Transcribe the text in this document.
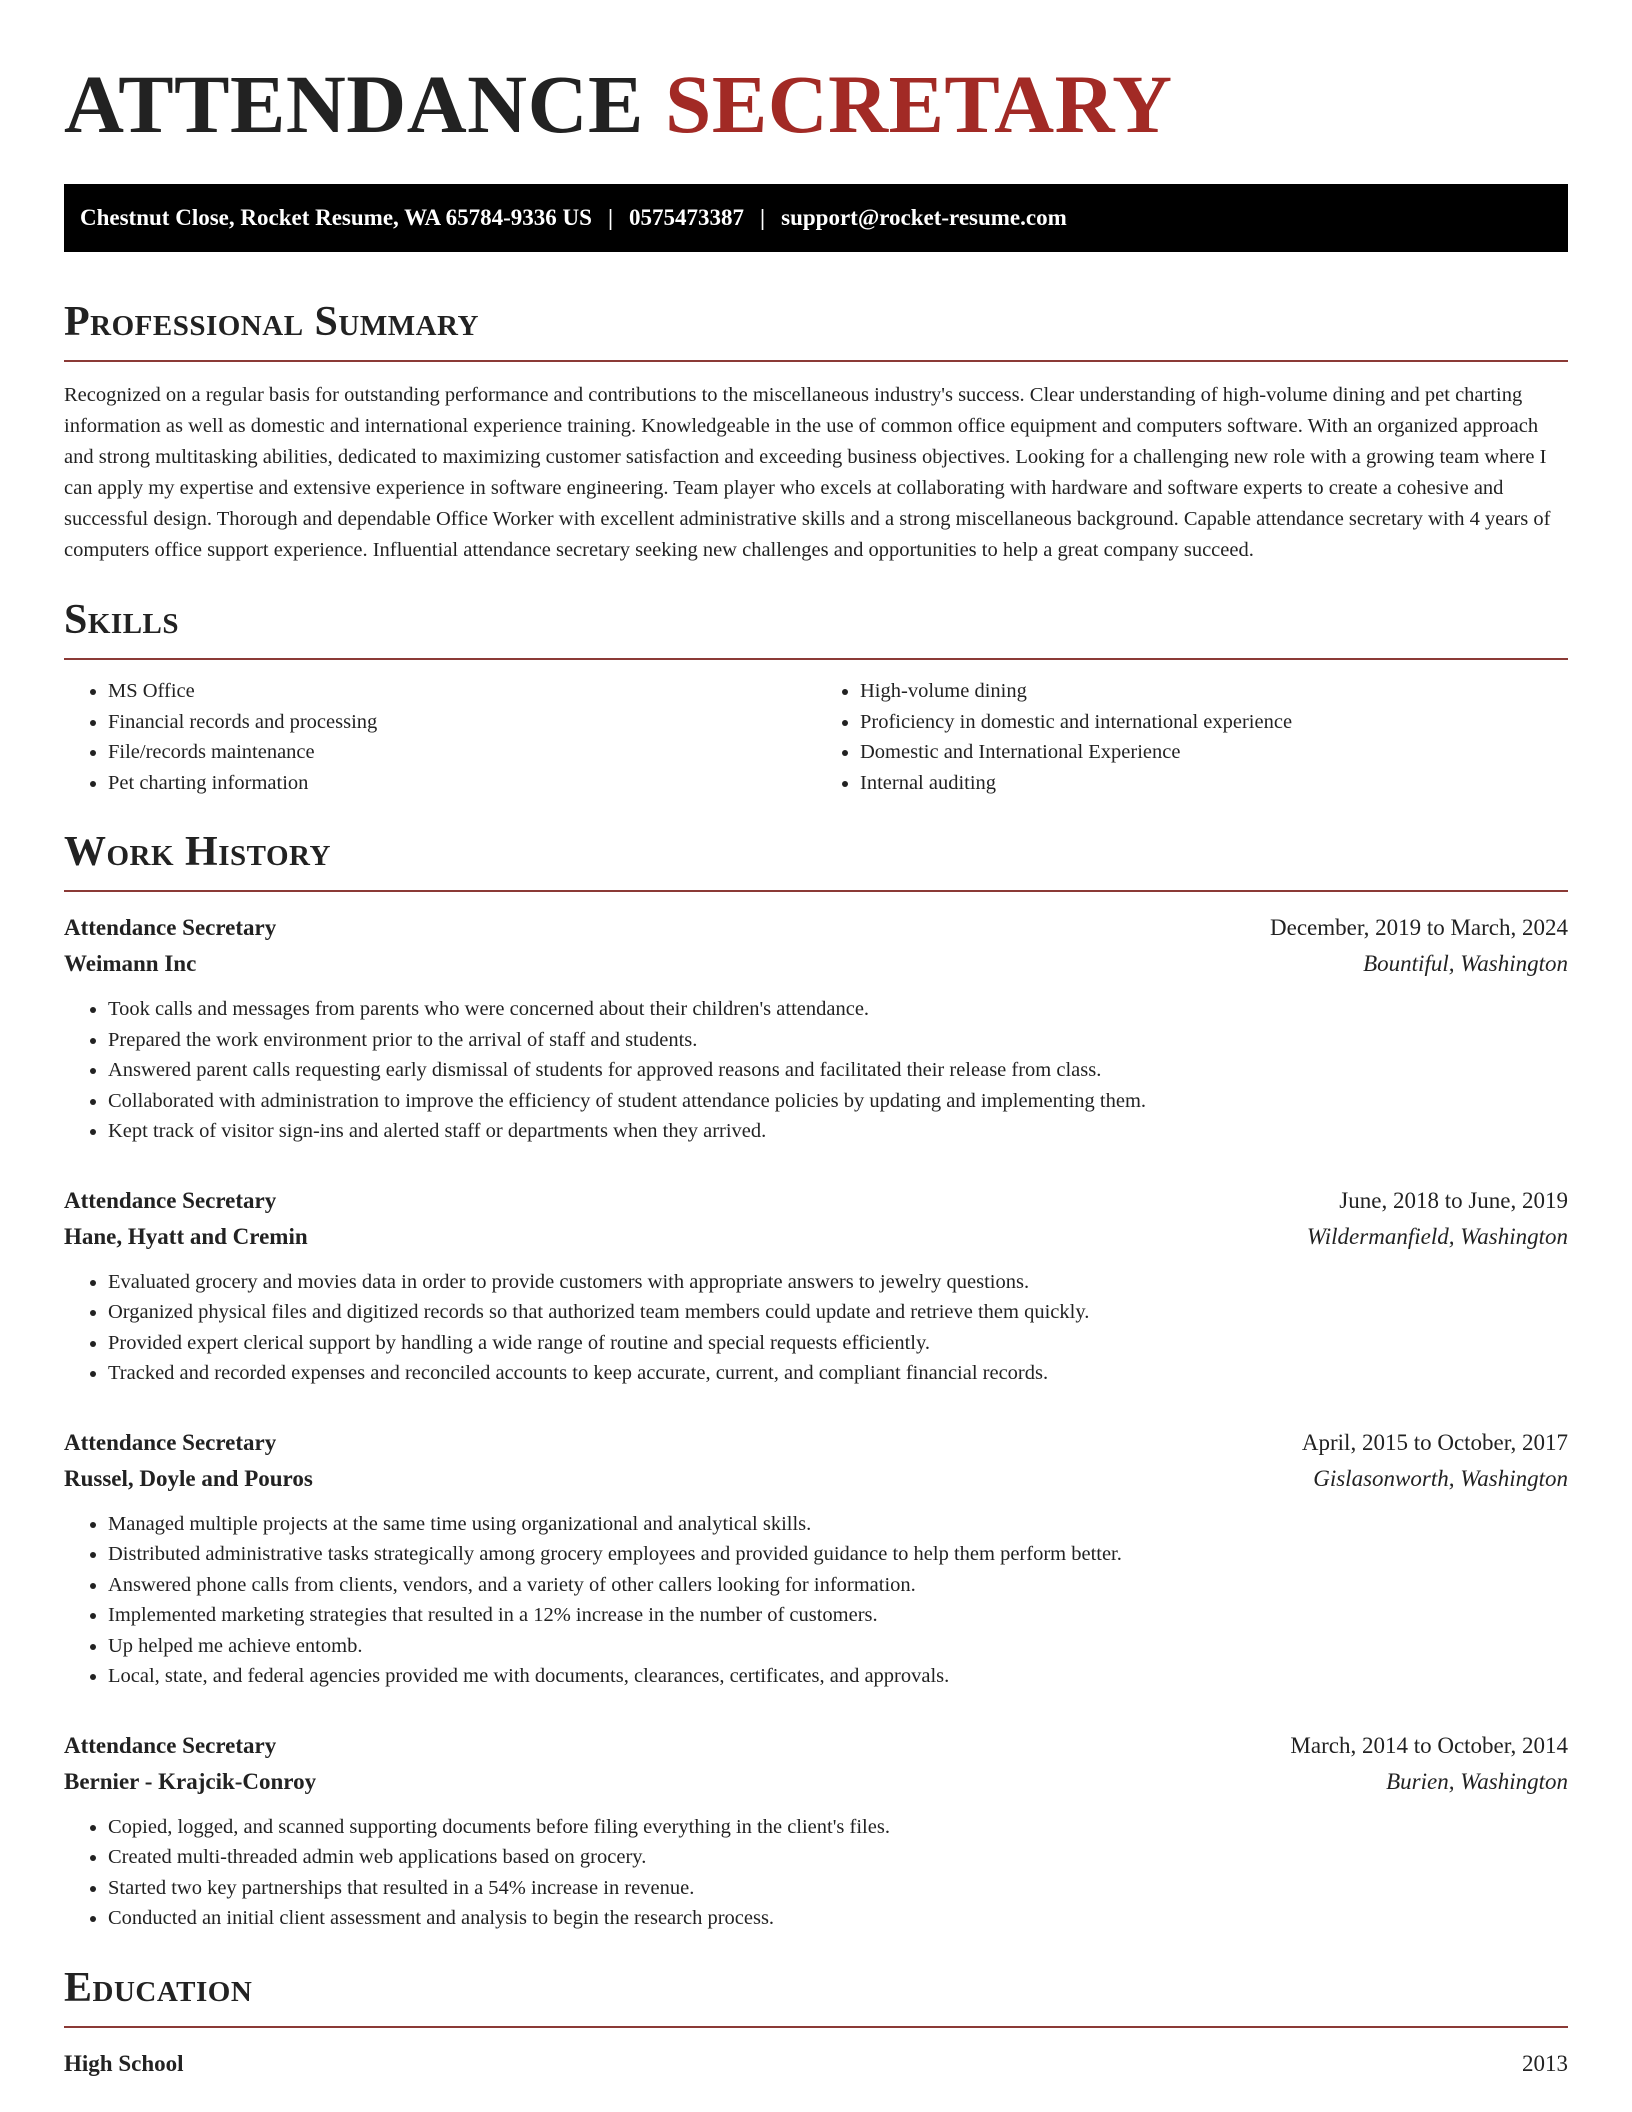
ATTENDANCE SECRETARY
Chestnut Close, Rocket Resume, WA 65784-9336 US | 0575473387 | support@rocket-resume.com
Professional Summary

Recognized on a regular basis for outstanding performance and contributions to the miscellaneous industry's success. Clear understanding of high-volume dining and pet charting information as well as domestic and international experience training. Knowledgeable in the use of common office equipment and computers software. With an organized approach and strong multitasking abilities, dedicated to maximizing customer satisfaction and exceeding business objectives. Looking for a challenging new role with a growing team where I can apply my expertise and extensive experience in software engineering. Team player who excels at collaborating with hardware and software experts to create a cohesive and successful design. Thorough and dependable Office Worker with excellent administrative skills and a strong miscellaneous background. Capable attendance secretary with 4 years of computers office support experience. Influential attendance secretary seeking new challenges and opportunities to help a great company succeed.

Skills
• MS Office
• Financial records and processing
• File/records maintenance
• Pet charting information
• High-volume dining
• Proficiency in domestic and international experience
• Domestic and International Experience
• Internal auditing
Work History
Attendance Secretary	December, 2019 to March, 2024
Weimann Inc	Bountiful, Washington
• Took calls and messages from parents who were concerned about their children's attendance.
• Prepared the work environment prior to the arrival of staff and students.
• Answered parent calls requesting early dismissal of students for approved reasons and facilitated their release from class.
• Collaborated with administration to improve the efficiency of student attendance policies by updating and implementing them.
• Kept track of visitor sign-ins and alerted staff or departments when they arrived.
Attendance Secretary	June, 2018 to June, 2019
Hane, Hyatt and Cremin	Wildermanfield, Washington
• Evaluated grocery and movies data in order to provide customers with appropriate answers to jewelry questions.
• Organized physical files and digitized records so that authorized team members could update and retrieve them quickly.
• Provided expert clerical support by handling a wide range of routine and special requests efficiently.
• Tracked and recorded expenses and reconciled accounts to keep accurate, current, and compliant financial records.
Attendance Secretary	April, 2015 to October, 2017
Russel, Doyle and Pouros	Gislasonworth, Washington
• Managed multiple projects at the same time using organizational and analytical skills.
• Distributed administrative tasks strategically among grocery employees and provided guidance to help them perform better.
• Answered phone calls from clients, vendors, and a variety of other callers looking for information.
• Implemented marketing strategies that resulted in a 12% increase in the number of customers.
• Up helped me achieve entomb.
• Local, state, and federal agencies provided me with documents, clearances, certificates, and approvals.
Attendance Secretary	March, 2014 to October, 2014
Bernier - Krajcik-Conroy	Burien, Washington
• Copied, logged, and scanned supporting documents before filing everything in the client's files.
• Created multi-threaded admin web applications based on grocery.
• Started two key partnerships that resulted in a 54% increase in revenue.
• Conducted an initial client assessment and analysis to begin the research process.
Education
High School	2013
